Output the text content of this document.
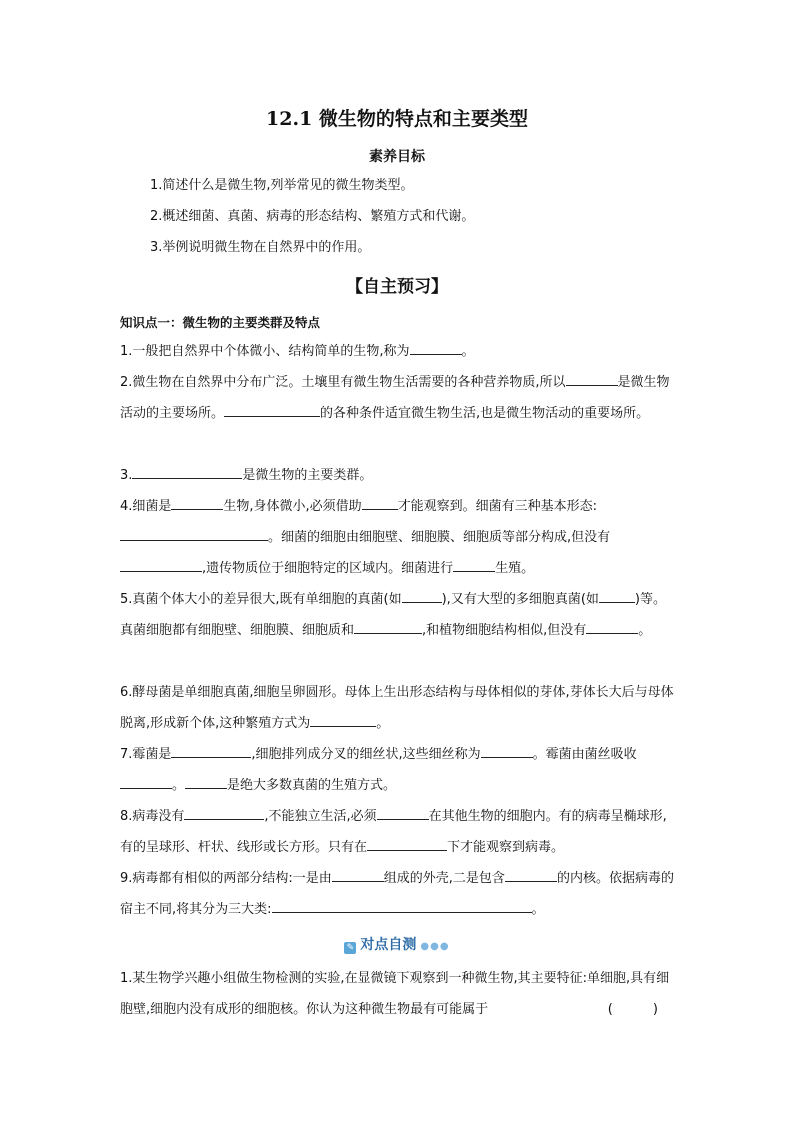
12.1 微生物的特点和主要类型
素养目标
1.简述什么是微生物,列举常见的微生物类型。
2.概述细菌、真菌、病毒的形态结构、繁殖方式和代谢。
3.举例说明微生物在自然界中的作用。
【自主预习】
知识点一：微生物的主要类群及特点

1.一般把自然界中个体微小、结构简单的生物,称为	。

2.微生物在自然界中分布广泛。土壤里有微生物生活需要的各种营养物质,所以	是微生物活动的主要场所。	的各种条件适宜微生物生活,也是微生物活动的重要场所。

3.	是微生物的主要类群。

4.细菌是	生物,身体微小,必须借助	才能观察到。细菌有三种基本形态:。细菌的细胞由细胞壁、细胞膜、细胞质等部分构成,但没有,遗传物质位于细胞特定的区域内。细菌进行	生殖。

5.真菌个体大小的差异很大,既有单细胞的真菌(如	),又有大型的多细胞真菌(如	)等。真菌细胞都有细胞壁、细胞膜、细胞质和	,和植物细胞结构相似,但没有	。

6.酵母菌是单细胞真菌,细胞呈卵圆形。母体上生出形态结构与母体相似的芽体,芽体长大后与母体脱离,形成新个体,这种繁殖方式为	。

7.霉菌是	,细胞排列成分叉的细丝状,这些细丝称为	。霉菌由菌丝吸收。	是绝大多数真菌的生殖方式。

8.病毒没有	,不能独立生活,必须	在其他生物的细胞内。有的病毒呈椭球形,有的呈球形、杆状、线形或长方形。只有在	下才能观察到病毒。

9.病毒都有相似的两部分结构:一是由	组成的外壳,二是包含	的内核。依据病毒的宿主不同,将其分为三大类:	。

✎ 对点自测 ●●●

1.某生物学兴趣小组做生物检测的实验,在显微镜下观察到一种微生物,其主要特征:单细胞,具有细胞壁,细胞内没有成形的细胞核。你认为这种微生物最有可能属于	( )
